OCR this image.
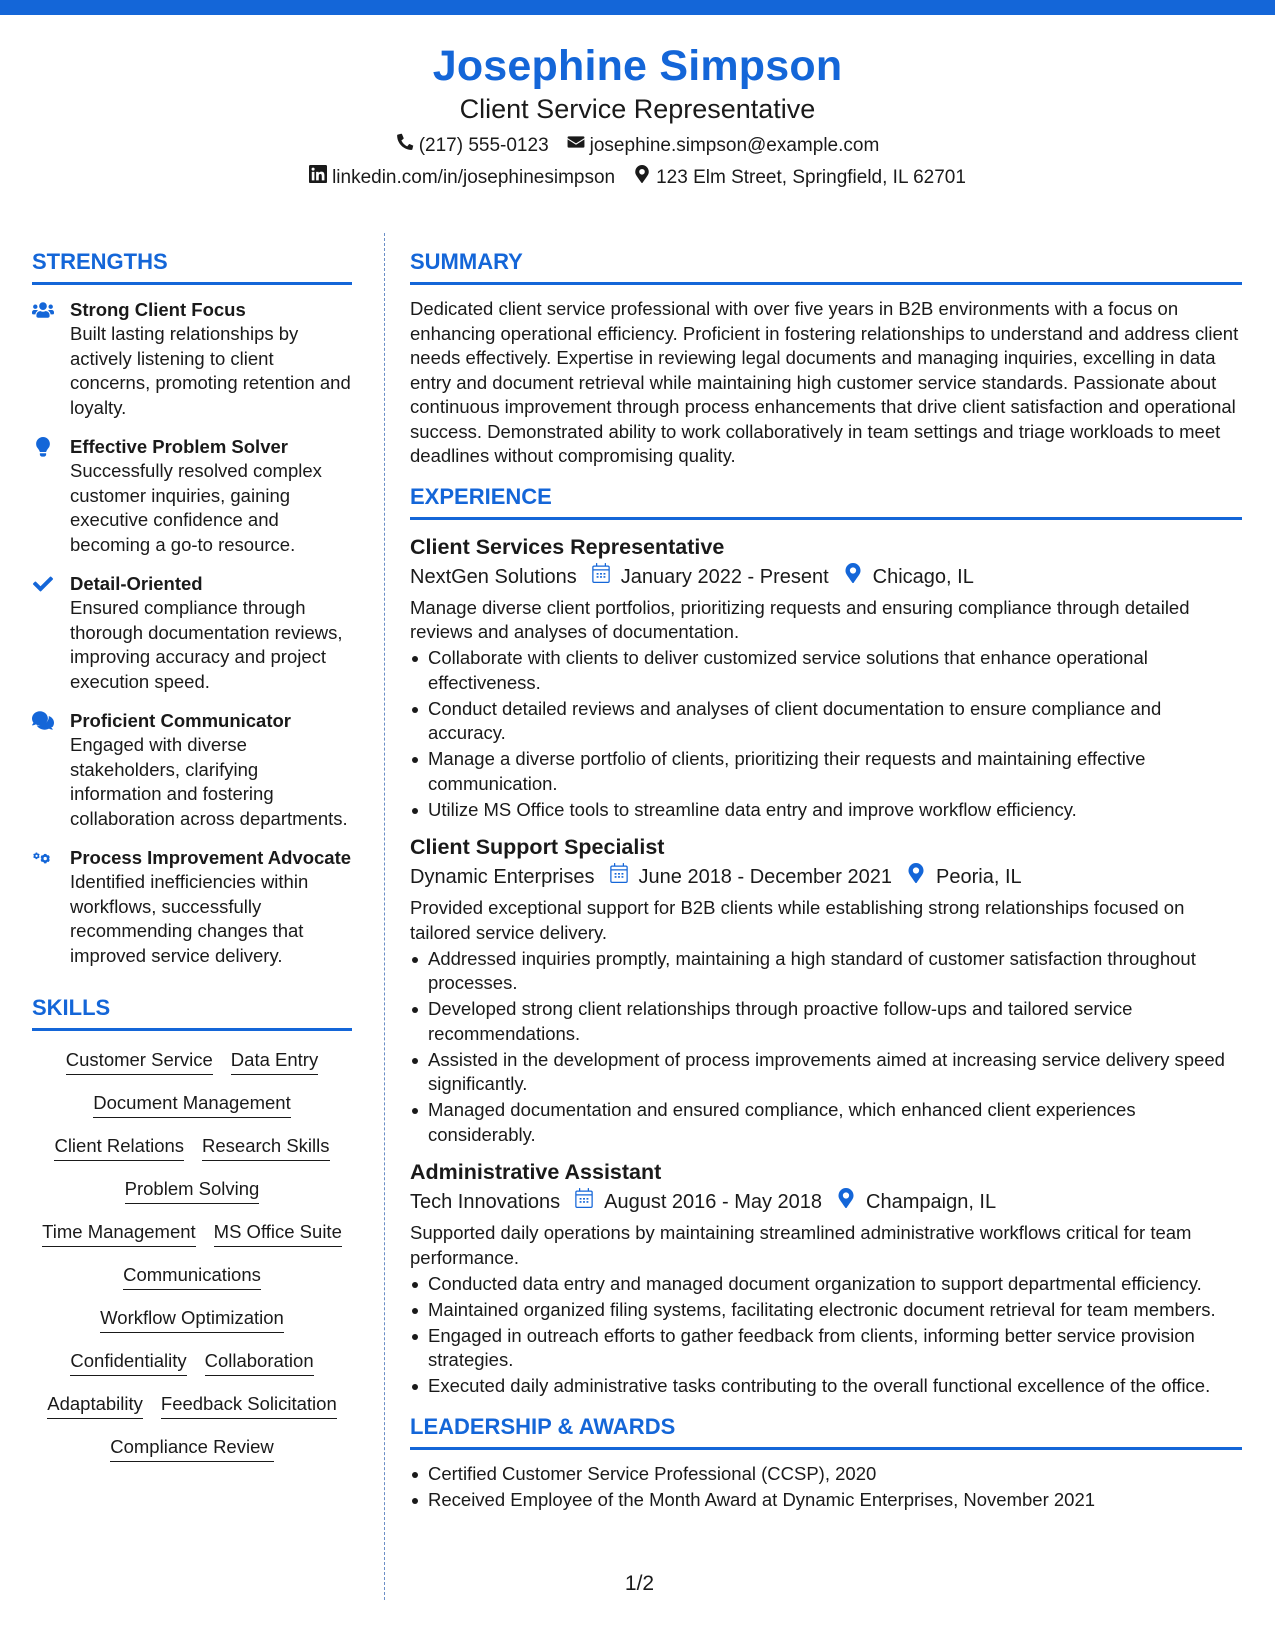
Josephine Simpson
Client Service Representative
(217) 555-0123 josephine.simpson@example.com
linkedin.com/in/josephinesimpson 123 Elm Street, Springfield, IL 62701
STRENGTHS
Strong Client Focus
Built lasting relationships by actively listening to client concerns, promoting retention and loyalty.
Effective Problem Solver
Successfully resolved complex customer inquiries, gaining executive confidence and becoming a go-to resource.
Detail-Oriented
Ensured compliance through thorough documentation reviews, improving accuracy and project execution speed.
Proficient Communicator
Engaged with diverse stakeholders, clarifying information and fostering collaboration across departments.
Process Improvement Advocate
Identified inefficiencies within workflows, successfully recommending changes that improved service delivery.
SKILLS
Customer Service Data Entry
Document Management
Client Relations Research Skills
Problem Solving
Time Management MS Office Suite
Communications
Workflow Optimization
Confidentiality Collaboration
Adaptability Feedback Solicitation
Compliance Review
SUMMARY
Dedicated client service professional with over five years in B2B environments with a focus on enhancing operational efficiency. Proficient in fostering relationships to understand and address client needs effectively. Expertise in reviewing legal documents and managing inquiries, excelling in data entry and document retrieval while maintaining high customer service standards. Passionate about continuous improvement through process enhancements that drive client satisfaction and operational success. Demonstrated ability to work collaboratively in team settings and triage workloads to meet deadlines without compromising quality.
EXPERIENCE
Client Services Representative
NextGen Solutions January 2022 - Present Chicago, IL
Manage diverse client portfolios, prioritizing requests and ensuring compliance through detailed reviews and analyses of documentation.
Collaborate with clients to deliver customized service solutions that enhance operational effectiveness.
Conduct detailed reviews and analyses of client documentation to ensure compliance and accuracy.
Manage a diverse portfolio of clients, prioritizing their requests and maintaining effective communication.
Utilize MS Office tools to streamline data entry and improve workflow efficiency.
Client Support Specialist
Dynamic Enterprises June 2018 - December 2021 Peoria, IL
Provided exceptional support for B2B clients while establishing strong relationships focused on tailored service delivery.
Addressed inquiries promptly, maintaining a high standard of customer satisfaction throughout processes.
Developed strong client relationships through proactive follow-ups and tailored service recommendations.
Assisted in the development of process improvements aimed at increasing service delivery speed significantly.
Managed documentation and ensured compliance, which enhanced client experiences considerably.
Administrative Assistant
Tech Innovations August 2016 - May 2018 Champaign, IL
Supported daily operations by maintaining streamlined administrative workflows critical for team performance.
Conducted data entry and managed document organization to support departmental efficiency.
Maintained organized filing systems, facilitating electronic document retrieval for team members.
Engaged in outreach efforts to gather feedback from clients, informing better service provision strategies.
Executed daily administrative tasks contributing to the overall functional excellence of the office.
LEADERSHIP & AWARDS
Certified Customer Service Professional (CCSP), 2020
Received Employee of the Month Award at Dynamic Enterprises, November 2021
1/2
